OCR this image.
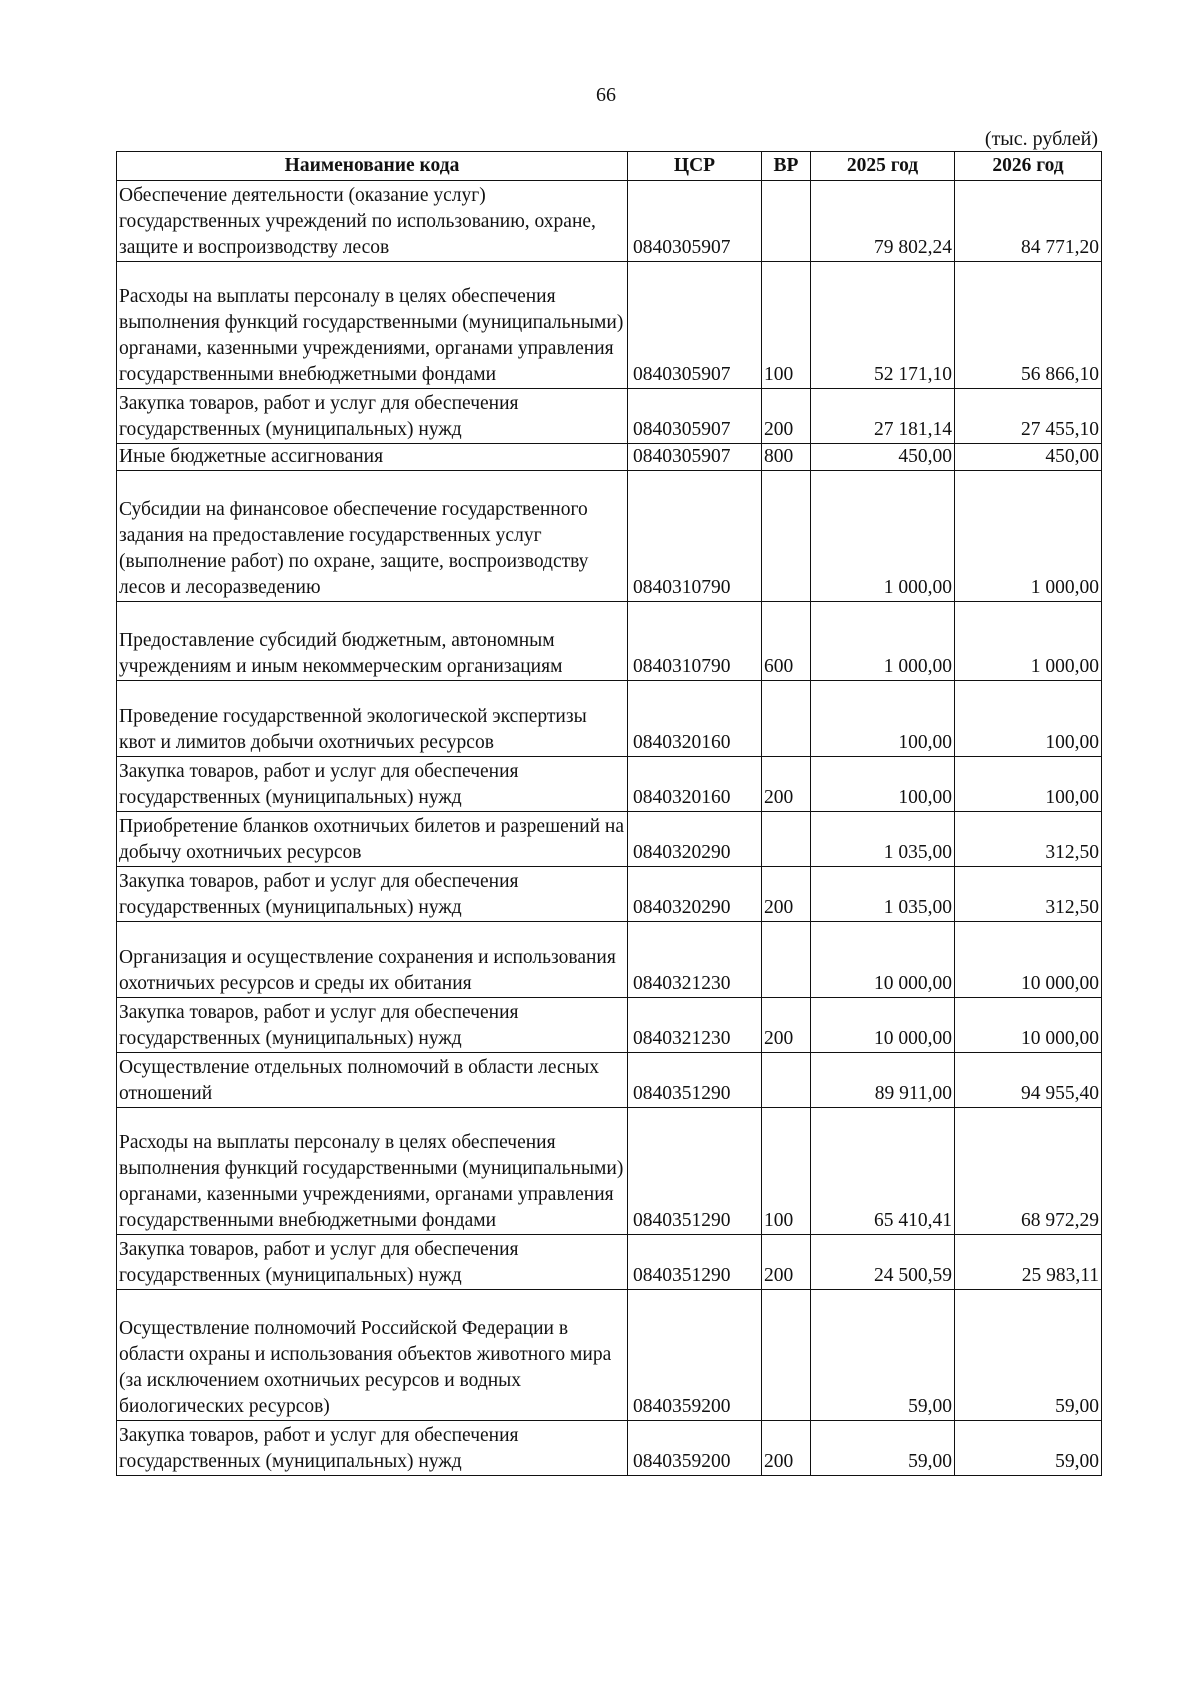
66
(тыс. рублей)
Наименование кода	ЦСР	ВР	2025 год	2026 год
Обеспечение деятельности (оказание услуг) государственных учреждений по использованию, охране, защите и воспроизводству лесов	0840305907		79 802,24	84 771,20
Расходы на выплаты персоналу в целях обеспечения выполнения функций государственными (муниципальными) органами, казенными учреждениями, органами управления государственными внебюджетными фондами	0840305907	100	52 171,10	56 866,10
Закупка товаров, работ и услуг для обеспечения государственных (муниципальных) нужд	0840305907	200	27 181,14	27 455,10
Иные бюджетные ассигнования	0840305907	800	450,00	450,00
Субсидии на финансовое обеспечение государственного задания на предоставление государственных услуг (выполнение работ) по охране, защите, воспроизводству лесов и лесоразведению	0840310790		1 000,00	1 000,00
Предоставление субсидий бюджетным, автономным учреждениям и иным некоммерческим организациям	0840310790	600	1 000,00	1 000,00
Проведение государственной экологической экспертизы квот и лимитов добычи охотничьих ресурсов	0840320160		100,00	100,00
Закупка товаров, работ и услуг для обеспечения государственных (муниципальных) нужд	0840320160	200	100,00	100,00
Приобретение бланков охотничьих билетов и разрешений на добычу охотничьих ресурсов	0840320290		1 035,00	312,50
Закупка товаров, работ и услуг для обеспечения государственных (муниципальных) нужд	0840320290	200	1 035,00	312,50
Организация и осуществление сохранения и использования охотничьих ресурсов и среды их обитания	0840321230		10 000,00	10 000,00
Закупка товаров, работ и услуг для обеспечения государственных (муниципальных) нужд	0840321230	200	10 000,00	10 000,00
Осуществление отдельных полномочий в области лесных отношений	0840351290		89 911,00	94 955,40
Расходы на выплаты персоналу в целях обеспечения выполнения функций государственными (муниципальными) органами, казенными учреждениями, органами управления государственными внебюджетными фондами	0840351290	100	65 410,41	68 972,29
Закупка товаров, работ и услуг для обеспечения государственных (муниципальных) нужд	0840351290	200	24 500,59	25 983,11
Осуществление полномочий Российской Федерации в области охраны и использования объектов животного мира (за исключением охотничьих ресурсов и водных биологических ресурсов)	0840359200		59,00	59,00
Закупка товаров, работ и услуг для обеспечения государственных (муниципальных) нужд	0840359200	200	59,00	59,00
